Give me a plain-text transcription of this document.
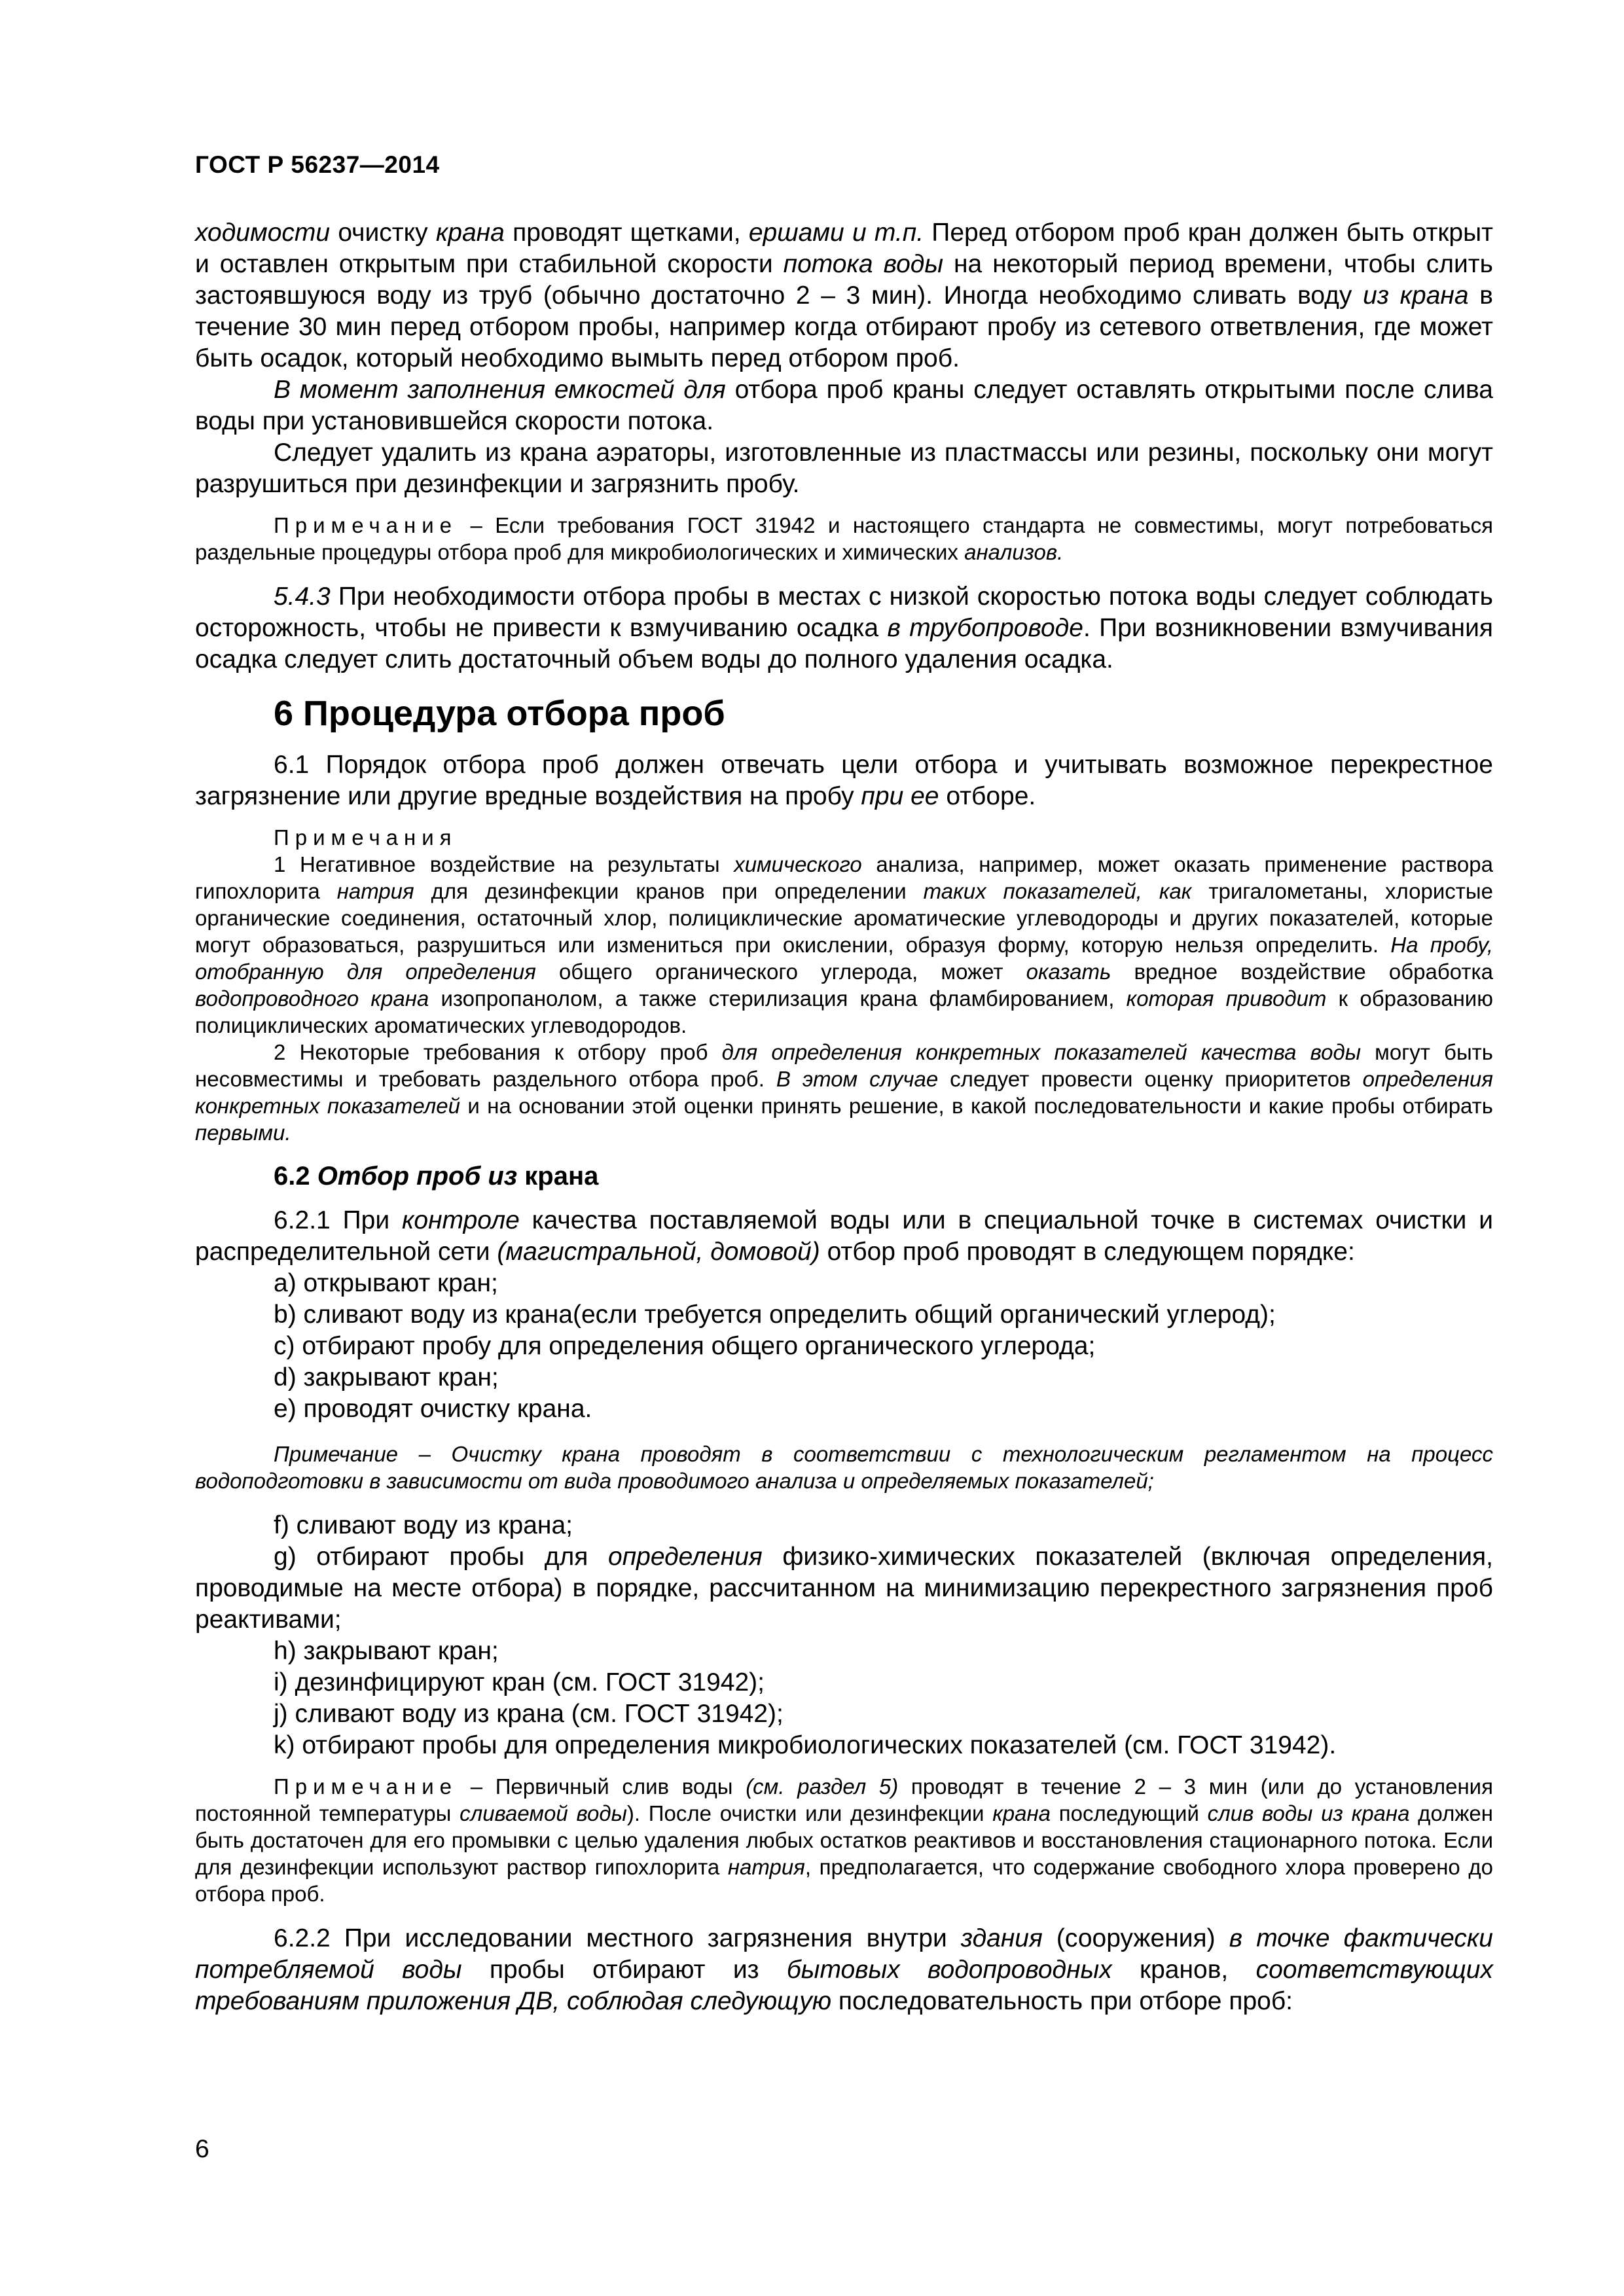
ГОСТ Р 56237—2014

ходимости очистку крана проводят щетками, ершами и т.п. Перед отбором проб кран должен быть открыт и оставлен открытым при стабильной скорости потока воды на некоторый период времени, чтобы слить застоявшуюся воду из труб (обычно достаточно 2 – 3 мин). Иногда необходимо сливать воду из крана в течение 30 мин перед отбором пробы, например когда отбирают пробу из сетевого ответвления, где может быть осадок, который необходимо вымыть перед отбором проб.

В момент заполнения емкостей для отбора проб краны следует оставлять открытыми после слива воды при установившейся скорости потока.

Следует удалить из крана аэраторы, изготовленные из пластмассы или резины, поскольку они могут разрушиться при дезинфекции и загрязнить пробу.

Примечание – Если требования ГОСТ 31942 и настоящего стандарта не совместимы, могут потребоваться раздельные процедуры отбора проб для микробиологических и химических анализов.

5.4.3 При необходимости отбора пробы в местах с низкой скоростью потока воды следует соблюдать осторожность, чтобы не привести к взмучиванию осадка в трубопроводе. При возникновении взмучивания осадка следует слить достаточный объем воды до полного удаления осадка.

6 Процедура отбора проб

6.1 Порядок отбора проб должен отвечать цели отбора и учитывать возможное перекрестное загрязнение или другие вредные воздействия на пробу при ее отборе.

Примечания

1 Негативное воздействие на результаты химического анализа, например, может оказать применение раствора гипохлорита натрия для дезинфекции кранов при определении таких показателей, как тригалометаны, хлористые органические соединения, остаточный хлор, полициклические ароматические углеводороды и других показателей, которые могут образоваться, разрушиться или измениться при окислении, образуя форму, которую нельзя определить. На пробу, отобранную для определения общего органического углерода, может оказать вредное воздействие обработка водопроводного крана изопропанолом, а также стерилизация крана фламбированием, которая приводит к образованию полициклических ароматических углеводородов.

2 Некоторые требования к отбору проб для определения конкретных показателей качества воды могут быть несовместимы и требовать раздельного отбора проб. В этом случае следует провести оценку приоритетов определения конкретных показателей и на основании этой оценки принять решение, в какой последовательности и какие пробы отбирать первыми.

6.2 Отбор проб из крана

6.2.1 При контроле качества поставляемой воды или в специальной точке в системах очистки и распределительной сети (магистральной, домовой) отбор проб проводят в следующем порядке:

a) открывают кран;
b) сливают воду из крана(если требуется определить общий органический углерод);
c) отбирают пробу для определения общего органического углерода;
d) закрывают кран;
e) проводят очистку крана.

Примечание – Очистку крана проводят в соответствии с технологическим регламентом на процесс водоподготовки в зависимости от вида проводимого анализа и определяемых показателей;

f) сливают воду из крана;

g) отбирают пробы для определения физико-химических показателей (включая определения, проводимые на месте отбора) в порядке, рассчитанном на минимизацию перекрестного загрязнения проб реактивами;

h) закрывают кран;
i) дезинфицируют кран (см. ГОСТ 31942);
j) сливают воду из крана (см. ГОСТ 31942);
k) отбирают пробы для определения микробиологических показателей (см. ГОСТ 31942).

Примечание – Первичный слив воды (см. раздел 5) проводят в течение 2 – 3 мин (или до установления постоянной температуры сливаемой воды). После очистки или дезинфекции крана последующий слив воды из крана должен быть достаточен для его промывки с целью удаления любых остатков реактивов и восстановления стационарного потока. Если для дезинфекции используют раствор гипохлорита натрия, предполагается, что содержание свободного хлора проверено до отбора проб.

6.2.2 При исследовании местного загрязнения внутри здания (сооружения) в точке фактически потребляемой воды пробы отбирают из бытовых водопроводных кранов, соответствующих требованиям приложения ДВ, соблюдая следующую последовательность при отборе проб:

6
